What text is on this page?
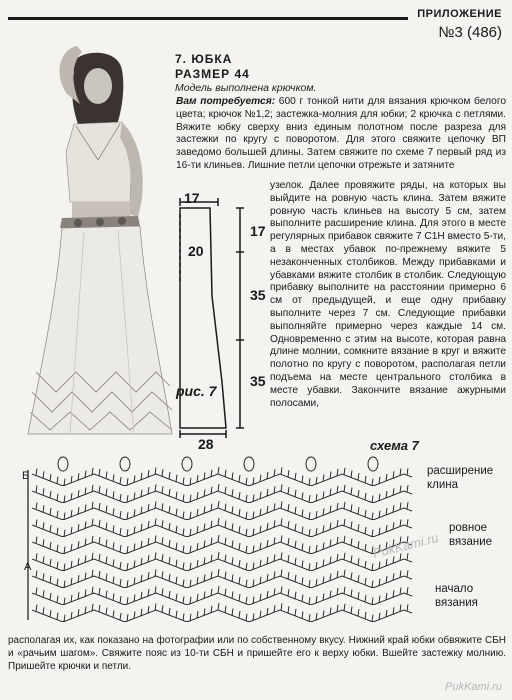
ПРИЛОЖЕНИЕ
№3 (486)
7. ЮБКА
РАЗМЕР 44
Модель выполнена крючком.

Вам потребуется: 600 г тонкой нити для вязания крючком белого цвета; крючок №1,2; застежка-молния для юбки; 2 крючка с петлями. Вяжите юбку сверху вниз единым полотном после разреза для застежки по кругу с поворотом. Для этого свяжите цепочку ВП заведомо большей длины. Затем свяжите по схеме 7 первый ряд из 16-ти клиньев. Лишние петли цепочки отрежьте и затяните

узелок. Далее провяжите ряды, на которых вы выйдите на ровную часть клина. Затем вяжите ровную часть клиньев на высоту 5 см, затем выполните расширение клина. Для этого в месте регулярных прибавок свяжите 7 С1Н вместо 5-ти, а в местах убавок по-прежнему вяжите 5 незаконченных столбиков. Между прибавками и убавками вяжите столбик в столбик. Следующую прибавку выполните на расстоянии примерно 6 см от предыдущей, и еще одну прибавку выполните через 7 см. Следующие прибавки выполняйте примерно через каждые 14 см. Одновременно с этим на высоте, которая равна длине молнии, сомкните вязание в круг и вяжите полотно по кругу с поворотом, располагая петли подъема на месте центрального столбика в месте убавки. Закончите вязание ажурными полосами,

17
17
20
35
35
28
рис. 7
схема 7
Б
А
расширение
клина
ровное
вязание
начало
вязания
PukKami.ru

располагая их, как показано на фотографии или по собственному вкусу. Нижний край юбки обвяжите СБН и «рачьим шагом». Свяжите пояс из 10-ти СБН и пришейте его к верху юбки. Вшейте застежку молнию. Пришейте крючки и петли.

PukKami.ru
